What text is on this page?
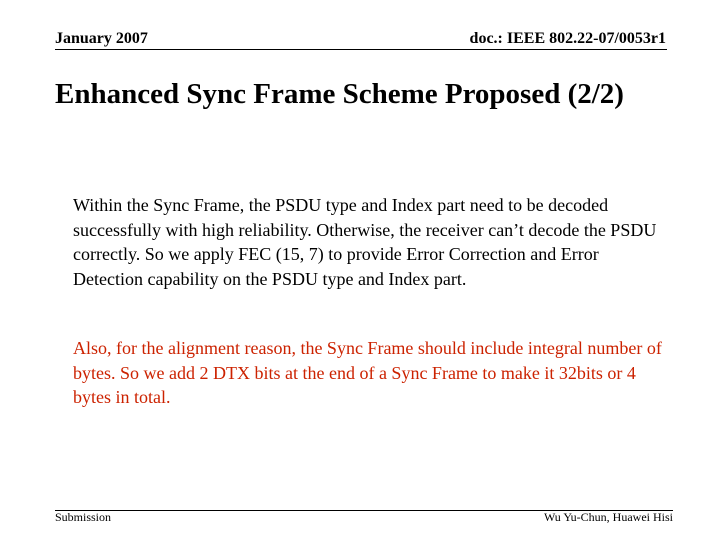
January 2007	doc.: IEEE 802.22-07/0053r1
Enhanced Sync Frame Scheme Proposed (2/2)
Within the Sync Frame, the PSDU type and Index part need to be decoded successfully with high reliability. Otherwise, the receiver can’t decode the PSDU correctly. So we apply FEC (15, 7) to provide Error Correction and Error Detection capability on the PSDU type and Index part.
Also, for the alignment reason, the Sync Frame should include integral number of bytes. So we add 2 DTX bits at the end of a Sync Frame to make it 32bits or 4 bytes in total.
Submission	Wu Yu-Chun, Huawei Hisi
